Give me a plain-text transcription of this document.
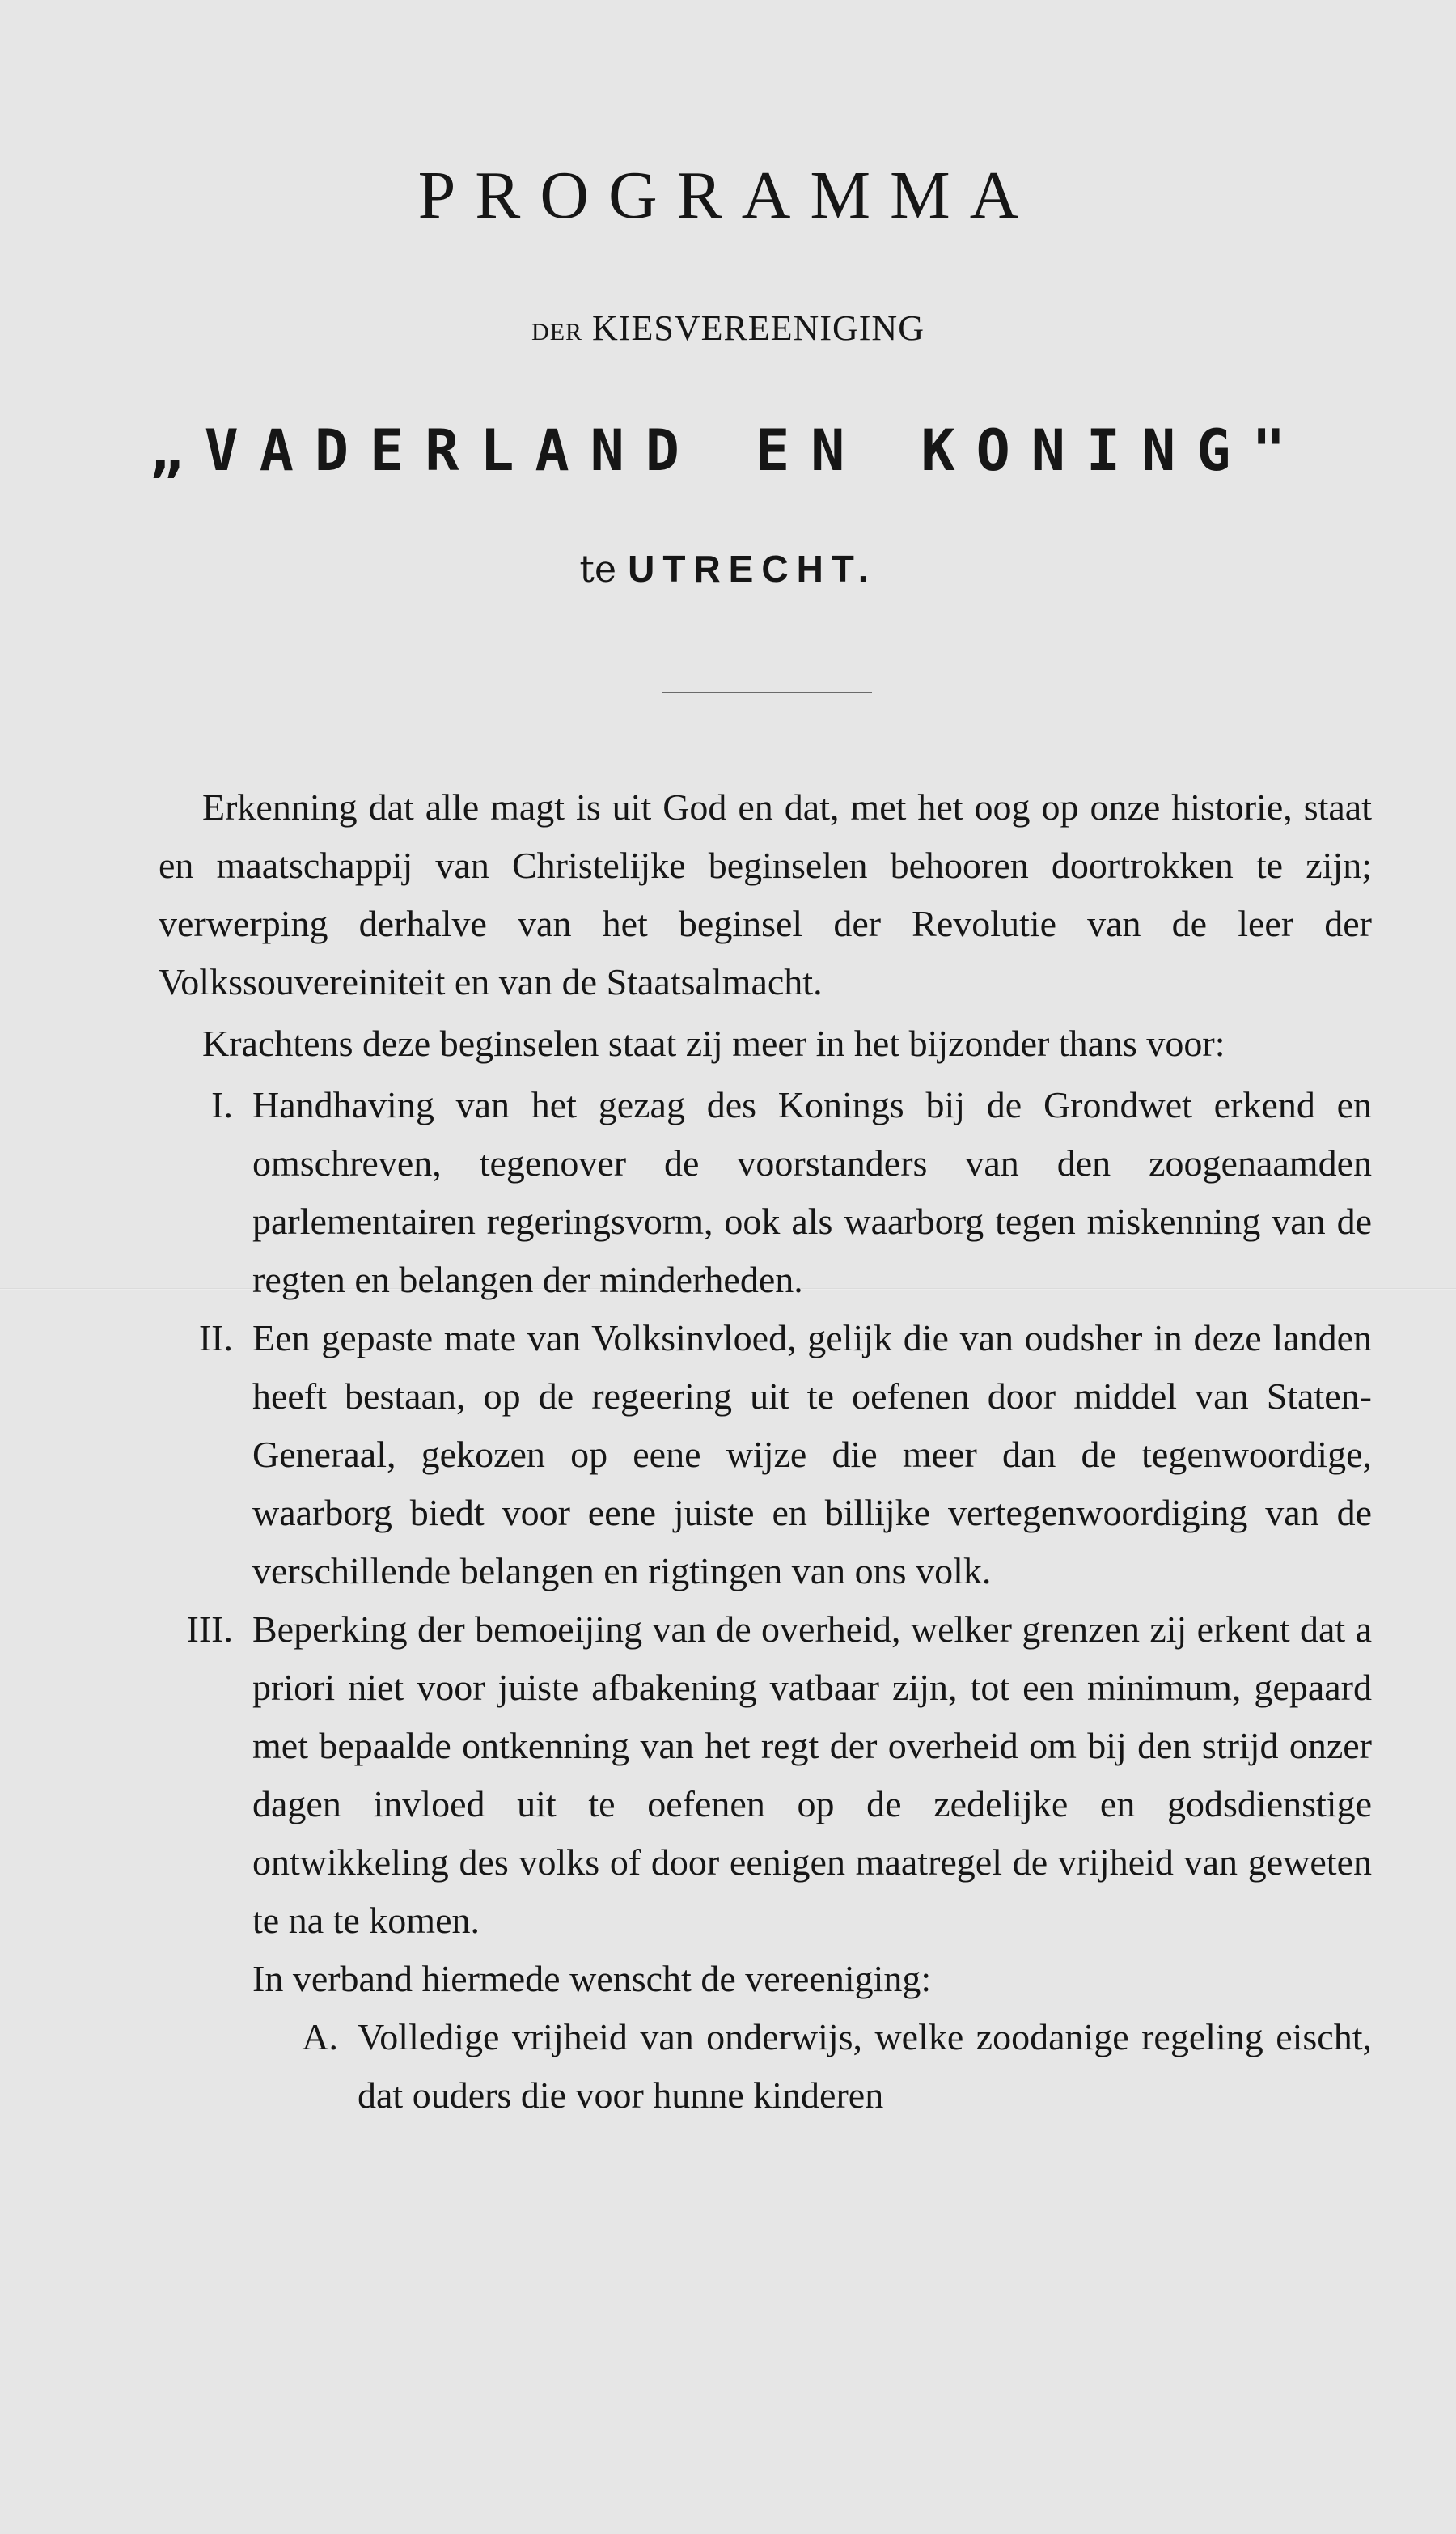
PROGRAMMA
DER KIESVEREENIGING
„VADERLAND EN KONING"
te UTRECHT.

Erkenning dat alle magt is uit God en dat, met het oog op onze historie, staat en maatschappij van Christelijke beginselen behooren doortrokken te zijn; verwerping derhalve van het beginsel der Revolutie van de leer der Volkssouvereiniteit en van de Staatsalmacht.

Krachtens deze beginselen staat zij meer in het bijzonder thans voor:

I. Handhaving van het gezag des Konings bij de Grondwet erkend en omschreven, tegenover de voorstanders van den zoogenaamden parlementairen regeringsvorm, ook als waarborg tegen miskenning van de regten en belangen der minderheden.
II. Een gepaste mate van Volksinvloed, gelijk die van oudsher in deze landen heeft bestaan, op de regeering uit te oefenen door middel van Staten-Generaal, gekozen op eene wijze die meer dan de tegenwoordige, waarborg biedt voor eene juiste en billijke vertegenwoordiging van de verschillende belangen en rigtingen van ons volk.
III. Beperking der bemoeijing van de overheid, welker grenzen zij erkent dat a priori niet voor juiste afbakening vatbaar zijn, tot een minimum, gepaard met bepaalde ontkenning van het regt der overheid om bij den strijd onzer dagen invloed uit te oefenen op de zedelijke en godsdienstige ontwikkeling des volks of door eenigen maatregel de vrijheid van geweten te na te komen.

In verband hiermede wenscht de vereeniging:

A. Volledige vrijheid van onderwijs, welke zoodanige regeling eischt, dat ouders die voor hunne kinderen
